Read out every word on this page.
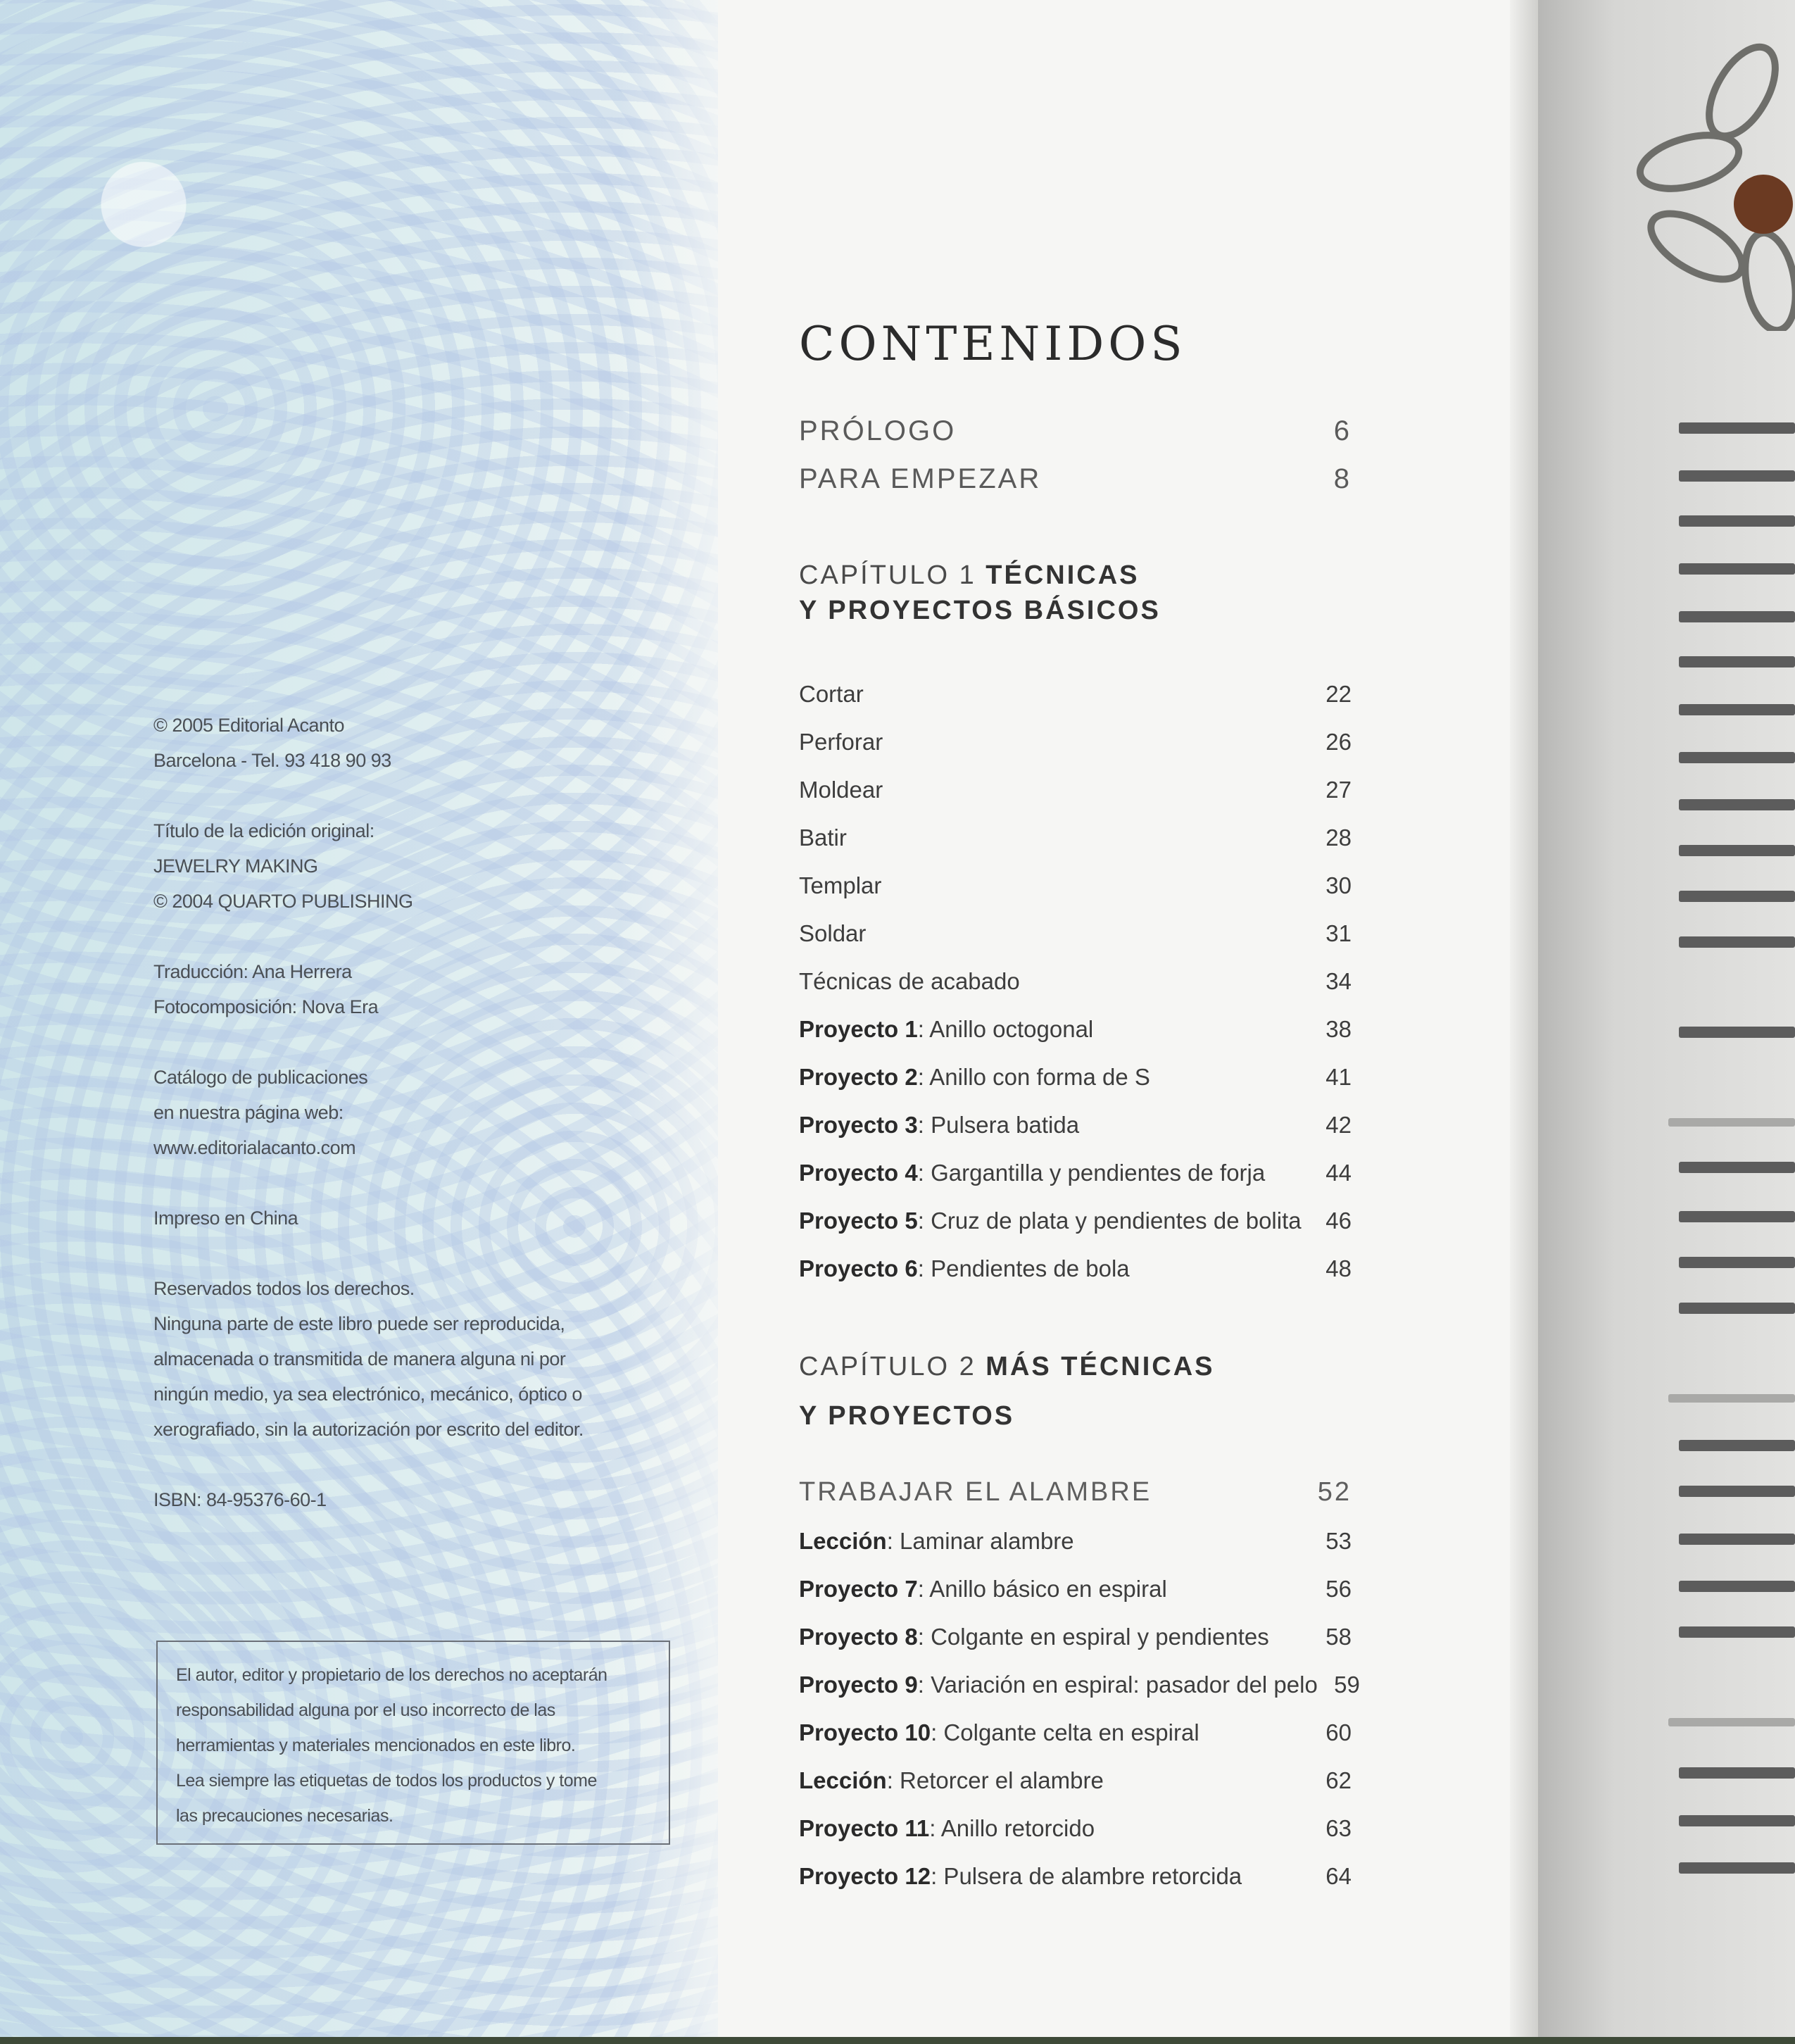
© 2005 Editorial Acanto
Barcelona - Tel. 93 418 90 93
Título de la edición original:
JEWELRY MAKING
© 2004 QUARTO PUBLISHING
Traducción: Ana Herrera
Fotocomposición: Nova Era
Catálogo de publicaciones
en nuestra página web:
www.editorialacanto.com
Impreso en China
Reservados todos los derechos.
Ninguna parte de este libro puede ser reproducida,
almacenada o transmitida de manera alguna ni por
ningún medio, ya sea electrónico, mecánico, óptico o
xerografiado, sin la autorización por escrito del editor.
ISBN: 84-95376-60-1
El autor, editor y propietario de los derechos no aceptarán
responsabilidad alguna por el uso incorrecto de las
herramientas y materiales mencionados en este libro.
Lea siempre las etiquetas de todos los productos y tome
las precauciones necesarias.
CONTENIDOS
PRÓLOGO	6
PARA EMPEZAR	8
CAPÍTULO 1 TÉCNICAS
Y PROYECTOS BÁSICOS
Cortar	22
Perforar	26
Moldear	27
Batir	28
Templar	30
Soldar	31
Técnicas de acabado	34
Proyecto 1: Anillo octogonal	38
Proyecto 2: Anillo con forma de S	41
Proyecto 3: Pulsera batida	42
Proyecto 4: Gargantilla y pendientes de forja	44
Proyecto 5: Cruz de plata y pendientes de bolita	46
Proyecto 6: Pendientes de bola	48
CAPÍTULO 2 MÁS TÉCNICAS
Y PROYECTOS
TRABAJAR EL ALAMBRE	52
Lección: Laminar alambre	53
Proyecto 7: Anillo básico en espiral	56
Proyecto 8: Colgante en espiral y pendientes	58
Proyecto 9: Variación en espiral: pasador del pelo 59
Proyecto 10: Colgante celta en espiral	60
Lección: Retorcer el alambre	62
Proyecto 11: Anillo retorcido	63
Proyecto 12: Pulsera de alambre retorcida	64
